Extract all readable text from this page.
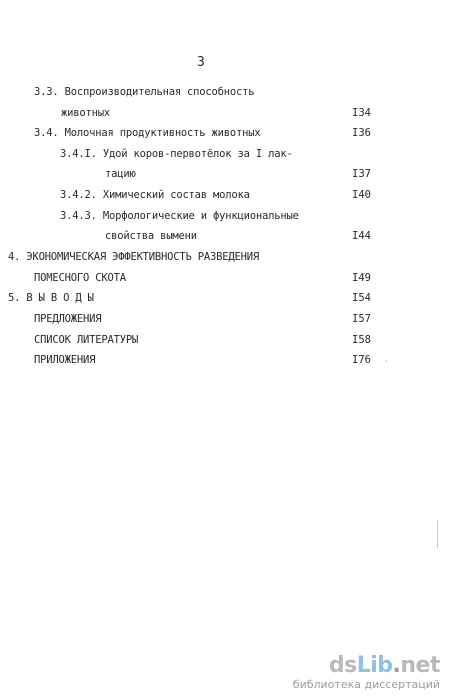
3
3.3. Воспроизводительная способность
животных	I34
3.4. Молочная продуктивность животных	I36
3.4.I. Удой коров-первотёлок за I лак-
тацию	I37
3.4.2. Химический состав молока	I40
3.4.3. Морфологические и функциональные
свойства вымени	I44
4. ЭКОНОМИЧЕСКАЯ ЭФФЕКТИВНОСТЬ РАЗВЕДЕНИЯ
ПОМЕСНОГО СКОТА	I49
5. В Ы В О Д Ы	I54
ПРЕДЛОЖЕНИЯ	I57
СПИСОК ЛИТЕРАТУРЫ	I58
ПРИЛОЖЕНИЯ	I76
dsLib.net
библиотека диссертаций
